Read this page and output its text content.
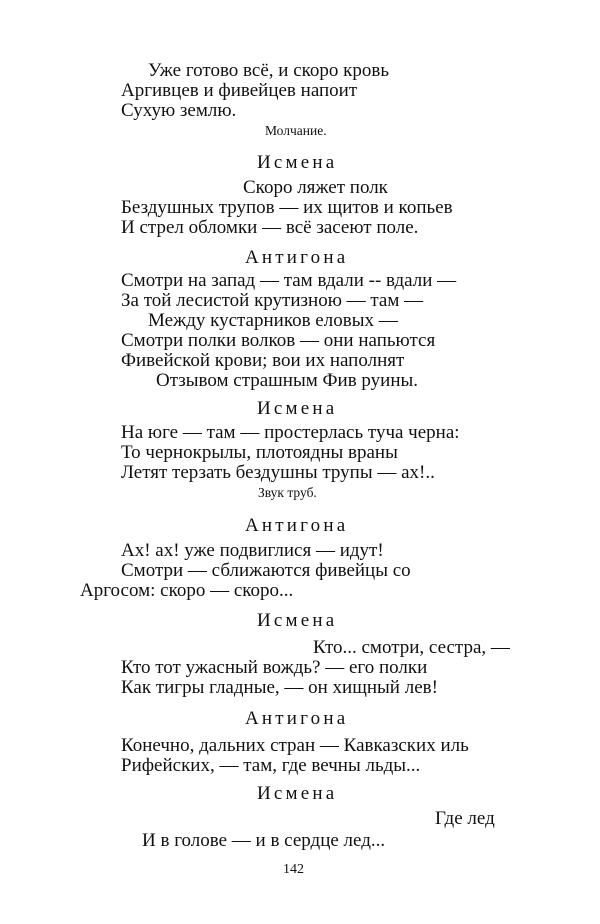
Уже готово всё, и скоро кровь
Аргивцев и фивейцев напоит
Сухую землю.
Молчание.
Исмена
Скоро ляжет полк
Бездушных трупов — их щитов и копьев
И стрел обломки — всё засеют поле.
Антигона
Смотри на запад — там вдали -- вдали —
За той лесистой крутизною — там —
Между кустарников еловых —
Смотри полки волков — они напьются
Фивейской крови; вои их наполнят
Отзывом страшным Фив руины.
Исмена
На юге — там — простерлась туча черна:
То чернокрылы, плотоядны враны
Летят терзать бездушны трупы — ах!..
Звук труб.
Антигона
Ах! ах! уже подвиглися — идут!
Смотри — сближаются фивейцы со
Аргосом: скоро — скоро...
Исмена
Кто... смотри, сестра, —
Кто тот ужасный вождь? — его полки
Как тигры гладные, — он хищный лев!
Антигона
Конечно, дальних стран — Кавказских иль
Рифейских, — там, где вечны льды...
Исмена
Где лед
И в голове — и в сердце лед...
142
